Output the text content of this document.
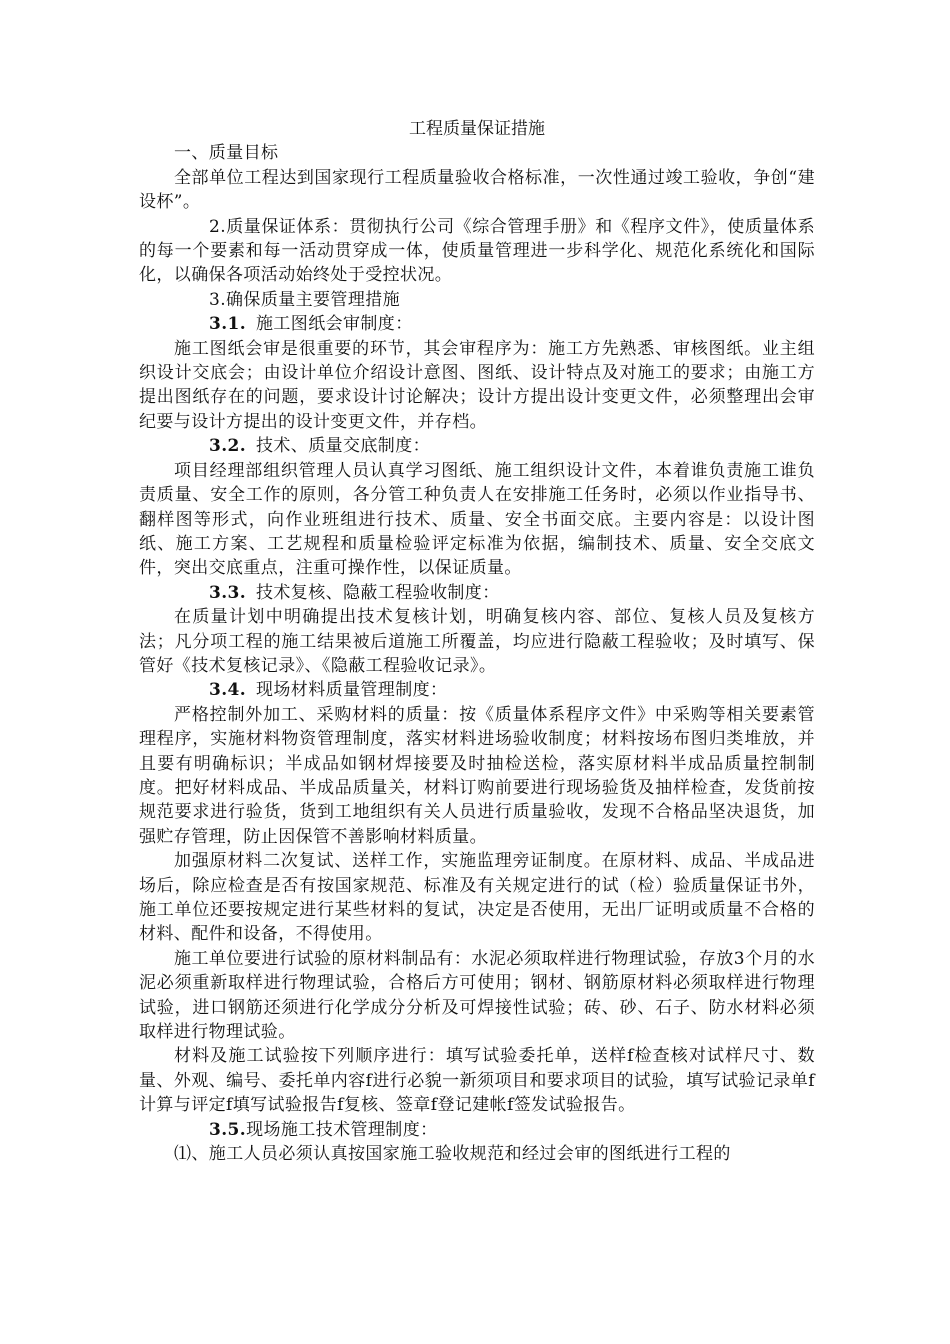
工程质量保证措施

一、质量目标

全部单位工程达到国家现行工程质量验收合格标准，一次性通过竣工验收，争创“建设杯”。

2.质量保证体系：贯彻执行公司《综合管理手册》和《程序文件》，使质量体系的每一个要素和每一活动贯穿成一体，使质量管理进一步科学化、规范化系统化和国际化，以确保各项活动始终处于受控状况。

3.确保质量主要管理措施

3.1. 施工图纸会审制度：

施工图纸会审是很重要的环节，其会审程序为：施工方先熟悉、审核图纸。业主组织设计交底会；由设计单位介绍设计意图、图纸、设计特点及对施工的要求；由施工方提出图纸存在的问题，要求设计讨论解决；设计方提出设计变更文件，必须整理出会审纪要与设计方提出的设计变更文件，并存档。

3.2. 技术、质量交底制度：

项目经理部组织管理人员认真学习图纸、施工组织设计文件，本着谁负责施工谁负责质量、安全工作的原则，各分管工种负责人在安排施工任务时，必须以作业指导书、翻样图等形式，向作业班组进行技术、质量、安全书面交底。主要内容是：以设计图纸、施工方案、工艺规程和质量检验评定标准为依据，编制技术、质量、安全交底文件，突出交底重点，注重可操作性，以保证质量。

3.3. 技术复核、隐蔽工程验收制度：

在质量计划中明确提出技术复核计划，明确复核内容、部位、复核人员及复核方法；凡分项工程的施工结果被后道施工所覆盖，均应进行隐蔽工程验收；及时填写、保管好《技术复核记录》、《隐蔽工程验收记录》。

3.4. 现场材料质量管理制度：

严格控制外加工、采购材料的质量：按《质量体系程序文件》中采购等相关要素管理程序，实施材料物资管理制度，落实材料进场验收制度；材料按场布图归类堆放，并且要有明确标识；半成品如钢材焊接要及时抽检送检，落实原材料半成品质量控制制度。把好材料成品、半成品质量关，材料订购前要进行现场验货及抽样检查，发货前按规范要求进行验货，货到工地组织有关人员进行质量验收，发现不合格品坚决退货，加强贮存管理，防止因保管不善影响材料质量。

加强原材料二次复试、送样工作，实施监理旁证制度。在原材料、成品、半成品进场后，除应检查是否有按国家规范、标准及有关规定进行的试（检）验质量保证书外，施工单位还要按规定进行某些材料的复试，决定是否使用，无出厂证明或质量不合格的材料、配件和设备，不得使用。

施工单位要进行试验的原材料制品有：水泥必须取样进行物理试验，存放3个月的水泥必须重新取样进行物理试验，合格后方可使用；钢材、钢筋原材料必须取样进行物理试验，进口钢筋还须进行化学成分分析及可焊接性试验；砖、砂、石子、防水材料必须取样进行物理试验。

材料及施工试验按下列顺序进行：填写试验委托单，送样f检查核对试样尺寸、数量、外观、编号、委托单内容f进行必貌一新须项目和要求项目的试验，填写试验记录单f计算与评定f填写试验报告f复核、签章f登记建帐f签发试验报告。

3.5.现场施工技术管理制度：

⑴、施工人员必须认真按国家施工验收规范和经过会审的图纸进行工程的
